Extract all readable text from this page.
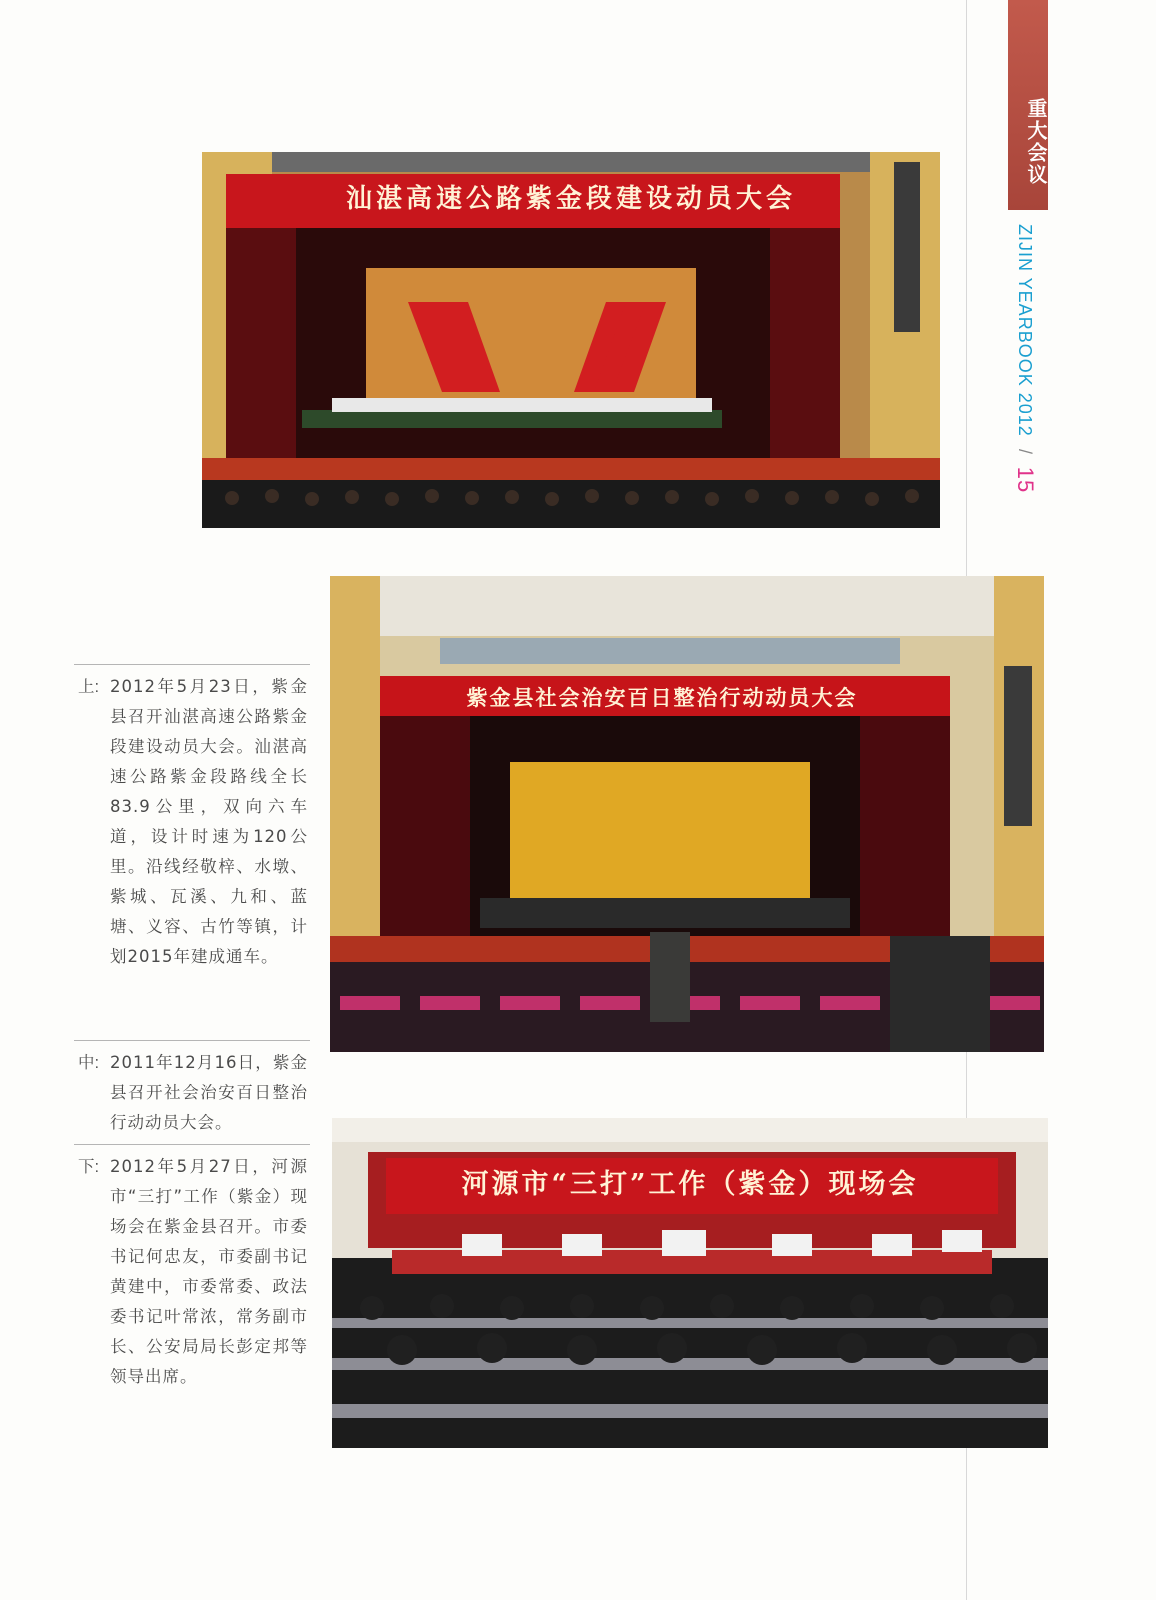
重大会议
ZIJIN YEARBOOK 2012 / 15
汕湛高速公路紫金段建设动员大会
紫金县社会治安百日整治行动动员大会
河源市“三打”工作（紫金）现场会
上: 2012年5月23日，紫金县召开汕湛高速公路紫金段建设动员大会。汕湛高速公路紫金段路线全长83.9公里，双向六车道，设计时速为120公里。沿线经敬梓、水墩、紫城、瓦溪、九和、蓝塘、义容、古竹等镇，计划2015年建成通车。
中: 2011年12月16日，紫金县召开社会治安百日整治行动动员大会。
下: 2012年5月27日，河源市“三打”工作（紫金）现场会在紫金县召开。市委书记何忠友，市委副书记黄建中，市委常委、政法委书记叶常浓，常务副市长、公安局局长彭定邦等领导出席。
